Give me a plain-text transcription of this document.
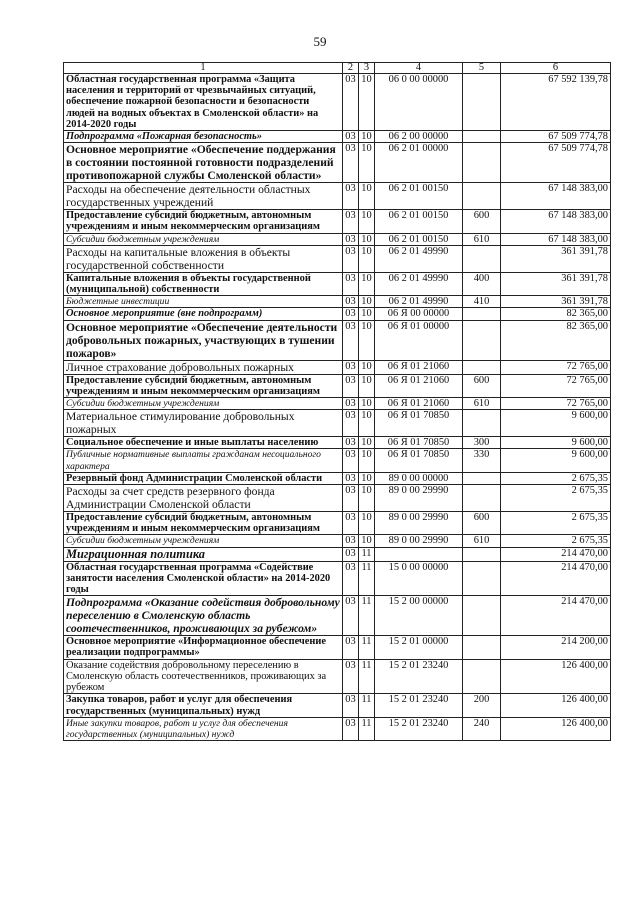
59
1	2	3	4	5	6
Областная государственная программа «Защита населения и территорий от чрезвычайных ситуаций, обеспечение пожарной безопасности и безопасности людей на водных объектах в Смоленской области» на 2014-2020 годы	03	10	06 0 00 00000		67 592 139,78
Подпрограмма «Пожарная безопасность»	03	10	06 2 00 00000		67 509 774,78
Основное мероприятие «Обеспечение поддержания в состоянии постоянной готовности подразделений противопожарной службы Смоленской области»	03	10	06 2 01 00000		67 509 774,78
Расходы на обеспечение деятельности областных государственных учреждений	03	10	06 2 01 00150		67 148 383,00
Предоставление субсидий бюджетным, автономным учреждениям и иным некоммерческим организациям	03	10	06 2 01 00150	600	67 148 383,00
Субсидии бюджетным учреждениям	03	10	06 2 01 00150	610	67 148 383,00
Расходы на капитальные вложения в объекты государственной собственности	03	10	06 2 01 49990		361 391,78
Капитальные вложения в объекты государственной (муниципальной) собственности	03	10	06 2 01 49990	400	361 391,78
Бюджетные инвестиции	03	10	06 2 01 49990	410	361 391,78
Основное мероприятие (вне подпрограмм)	03	10	06 Я 00 00000		82 365,00
Основное мероприятие «Обеспечение деятельности добровольных пожарных, участвующих в тушении пожаров»	03	10	06 Я 01 00000		82 365,00
Личное страхование добровольных пожарных	03	10	06 Я 01 21060		72 765,00
Предоставление субсидий бюджетным, автономным учреждениям и иным некоммерческим организациям	03	10	06 Я 01 21060	600	72 765,00
Субсидии бюджетным учреждениям	03	10	06 Я 01 21060	610	72 765,00
Материальное стимулирование добровольных пожарных	03	10	06 Я 01 70850		9 600,00
Социальное обеспечение и иные выплаты населению	03	10	06 Я 01 70850	300	9 600,00
Публичные нормативные выплаты гражданам несоциального характера	03	10	06 Я 01 70850	330	9 600,00
Резервный фонд Администрации Смоленской области	03	10	89 0 00 00000		2 675,35
Расходы за счет средств резервного фонда Администрации Смоленской области	03	10	89 0 00 29990		2 675,35
Предоставление субсидий бюджетным, автономным учреждениям и иным некоммерческим организациям	03	10	89 0 00 29990	600	2 675,35
Субсидии бюджетным учреждениям	03	10	89 0 00 29990	610	2 675,35
Миграционная политика	03	11			214 470,00
Областная государственная программа «Содействие занятости населения Смоленской области» на 2014-2020 годы	03	11	15 0 00 00000		214 470,00
Подпрограмма «Оказание содействия добровольному переселению в Смоленскую область соотечественников, проживающих за рубежом»	03	11	15 2 00 00000		214 470,00
Основное мероприятие «Информационное обеспечение реализации подпрограммы»	03	11	15 2 01 00000		214 200,00
Оказание содействия добровольному переселению в Смоленскую область соотечественников, проживающих за рубежом	03	11	15 2 01 23240		126 400,00
Закупка товаров, работ и услуг для обеспечения государственных (муниципальных) нужд	03	11	15 2 01 23240	200	126 400,00
Иные закупки товаров, работ и услуг для обеспечения государственных (муниципальных) нужд	03	11	15 2 01 23240	240	126 400,00
